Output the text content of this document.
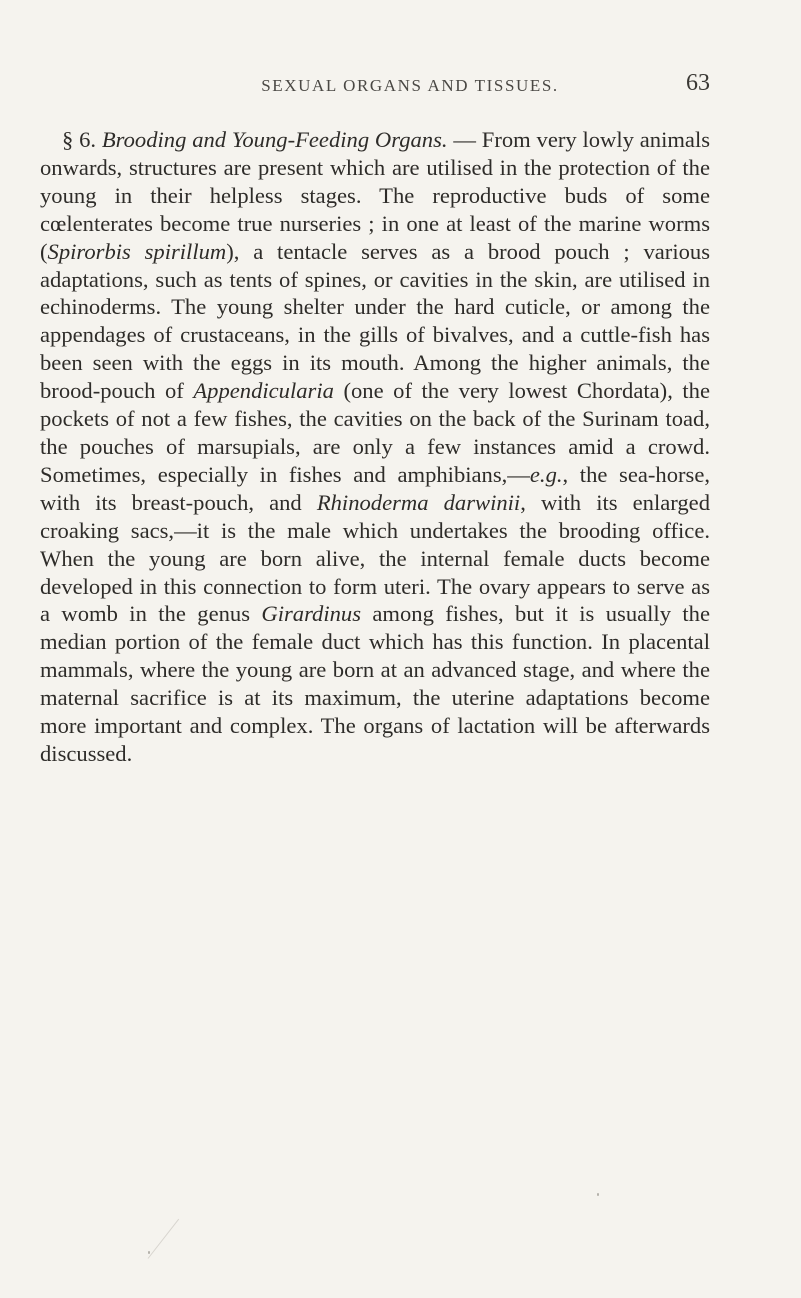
SEXUAL ORGANS AND TISSUES.	63

§ 6. Brooding and Young-Feeding Organs. — From very lowly animals onwards, structures are present which are utilised in the protection of the young in their helpless stages. The reproductive buds of some cœlenterates become true nurseries ; in one at least of the marine worms (Spirorbis spirillum), a tentacle serves as a brood pouch ; various adaptations, such as tents of spines, or cavities in the skin, are utilised in echinoderms. The young shelter under the hard cuticle, or among the appendages of crustaceans, in the gills of bivalves, and a cuttle-fish has been seen with the eggs in its mouth. Among the higher animals, the brood-pouch of Appendicularia (one of the very lowest Chordata), the pockets of not a few fishes, the cavities on the back of the Surinam toad, the pouches of marsupials, are only a few instances amid a crowd. Sometimes, especially in fishes and amphibians,—e.g., the sea-horse, with its breast-pouch, and Rhinoderma darwinii, with its enlarged croaking sacs,—it is the male which undertakes the brooding office. When the young are born alive, the internal female ducts become developed in this connection to form uteri. The ovary appears to serve as a womb in the genus Girardinus among fishes, but it is usually the median portion of the female duct which has this function. In placental mammals, where the young are born at an advanced stage, and where the maternal sacrifice is at its maximum, the uterine adaptations become more important and complex. The organs of lactation will be afterwards discussed.
